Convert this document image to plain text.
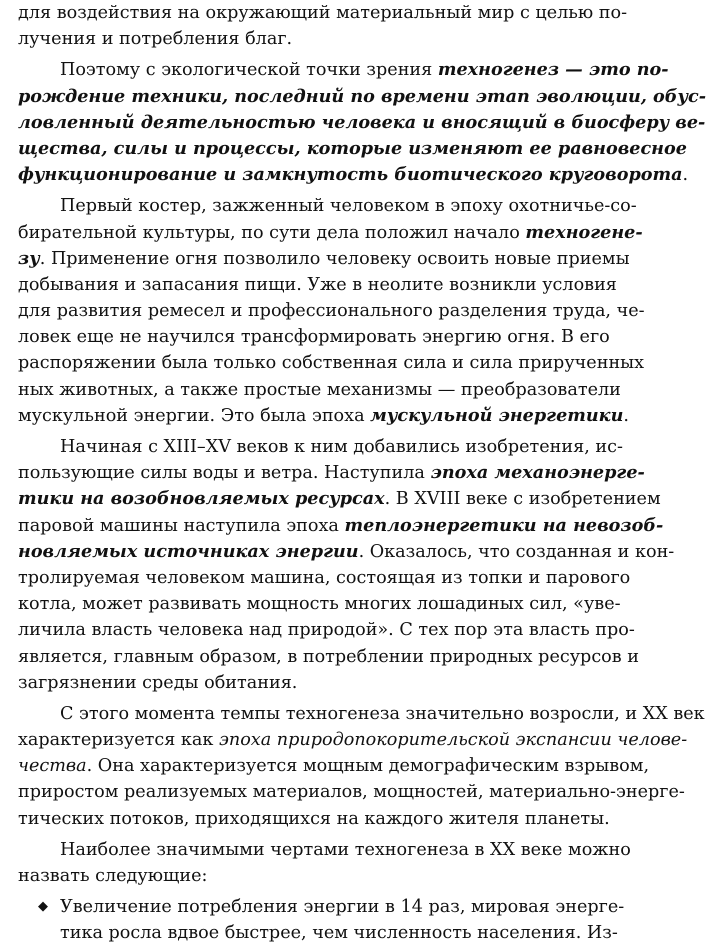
для воздействия на окружающий материальный мир с целью по-
лучения и потребления благ.
Поэтому с экологической точки зрения техногенез — это по-
рождение техники, последний по времени этап эволюции, обус-
ловленный деятельностью человека и вносящий в биосферу ве-
щества, силы и процессы, которые изменяют ее равновесное
функционирование и замкнутость биотического круговорота.
Первый костер, зажженный человеком в эпоху охотничье-со-
бирательной культуры, по сути дела положил начало техногене-
зу. Применение огня позволило человеку освоить новые приемы
добывания и запасания пищи. Уже в неолите возникли условия
для развития ремесел и профессионального разделения труда, че-
ловек еще не научился трансформировать энергию огня. В его
распоряжении была только собственная сила и сила прирученных
ных животных, а также простые механизмы — преобразователи
мускульной энергии. Это была эпоха мускульной энергетики.
Начиная с XIII–XV веков к ним добавились изобретения, ис-
пользующие силы воды и ветра. Наступила эпоха механоэнерге-
тики на возобновляемых ресурсах. В XVIII веке с изобретением
паровой машины наступила эпоха теплоэнергетики на невозоб-
новляемых источниках энергии. Оказалось, что созданная и кон-
тролируемая человеком машина, состоящая из топки и парового
котла, может развивать мощность многих лошадиных сил, «уве-
личила власть человека над природой». С тех пор эта власть про-
является, главным образом, в потреблении природных ресурсов и
загрязнении среды обитания.
С этого момента темпы техногенеза значительно возросли, и XX век
характеризуется как эпоха природопокорительской экспансии челове-
чества. Она характеризуется мощным демографическим взрывом,
приростом реализуемых материалов, мощностей, материально-энерге-
тических потоков, приходящихся на каждого жителя планеты.
Наиболее значимыми чертами техногенеза в XX веке можно
назвать следующие:
◆ Увеличение потребления энергии в 14 раз, мировая энерге-
тика росла вдвое быстрее, чем численность населения. Из-
